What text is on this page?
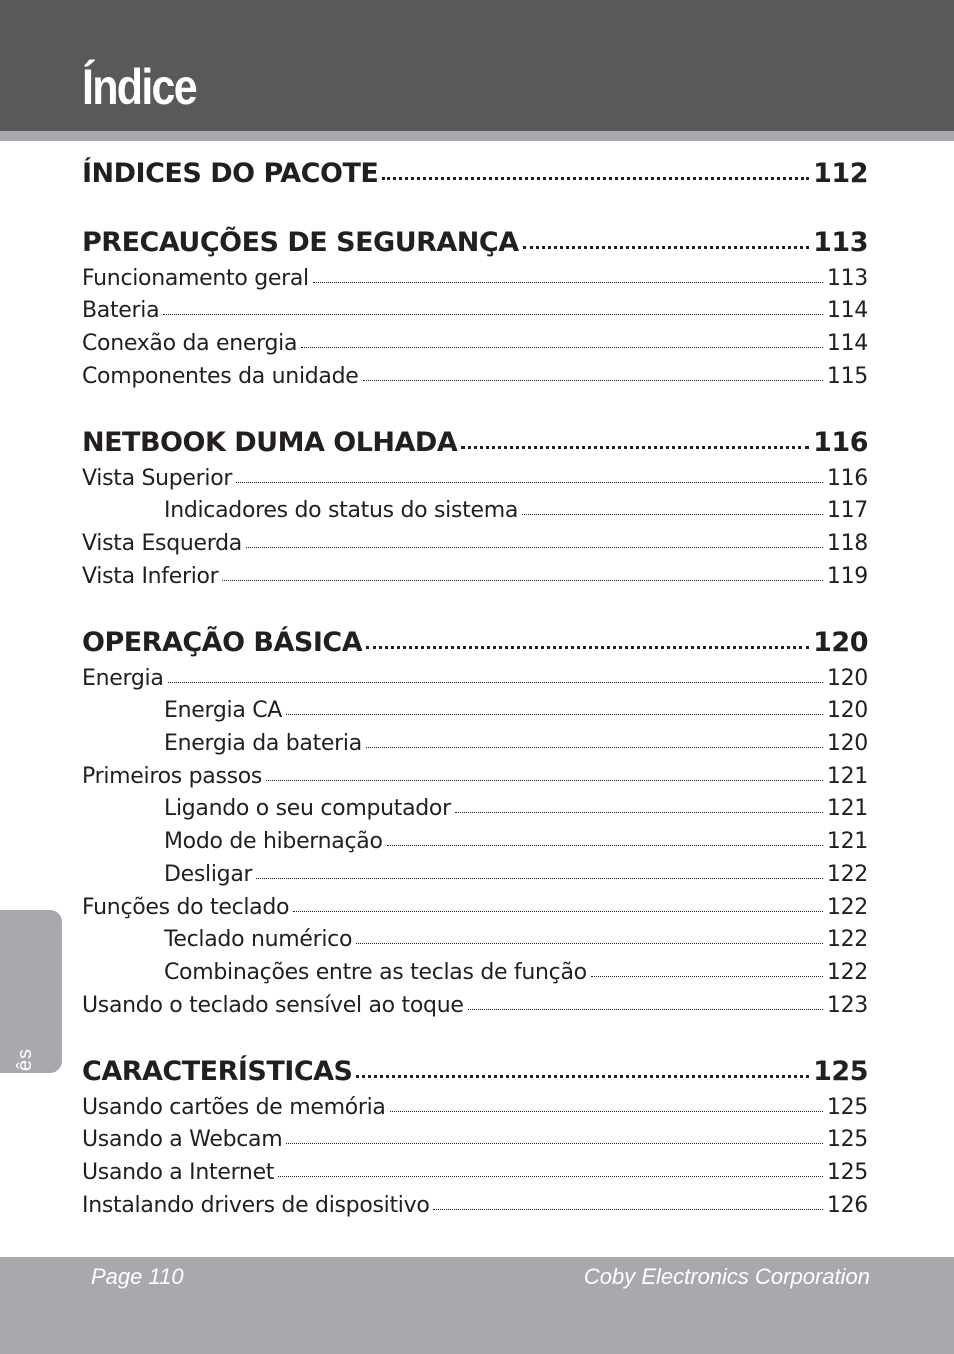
Índice
ÍNDICES DO PACOTE	112
PRECAUÇÕES DE SEGURANÇA	113
Funcionamento geral	113
Bateria	114
Conexão da energia	114
Componentes da unidade	115
NETBOOK DUMA OLHADA	116
Vista Superior	116
Indicadores do status do sistema	117
Vista Esquerda	118
Vista Inferior	119
OPERAÇÃO BÁSICA	120
Energia	120
Energia CA	120
Energia da bateria	120
Primeiros passos	121
Ligando o seu computador	121
Modo de hibernação	121
Desligar	122
Funções do teclado	122
Teclado numérico	122
Combinações entre as teclas de função	122
Usando o teclado sensível ao toque	123
CARACTERÍSTICAS	125
Usando cartões de memória	125
Usando a Webcam	125
Usando a Internet	125
Instalando drivers de dispositivo	126
Português
Page 110	Coby Electronics Corporation
